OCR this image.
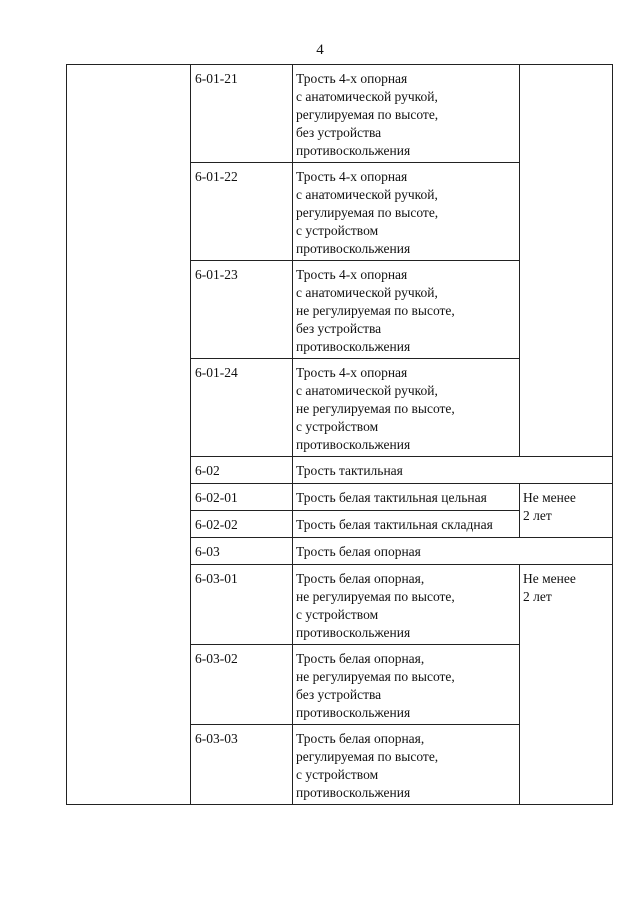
4
	6-01-21	Трость 4-х опорная
с анатомической ручкой,
регулируемая по высоте,
без устройства
противоскольжения	
	6-01-22	Трость 4-х опорная
с анатомической ручкой,
регулируемая по высоте,
с устройством
противоскольжения	
	6-01-23	Трость 4-х опорная
с анатомической ручкой,
не регулируемая по высоте,
без устройства
противоскольжения	
	6-01-24	Трость 4-х опорная
с анатомической ручкой,
не регулируемая по высоте,
с устройством
противоскольжения	
	6-02	Трость тактильная	
	6-02-01	Трость белая тактильная цельная	Не менее
2 лет
	6-02-02	Трость белая тактильная складная	
	6-03	Трость белая опорная	
	6-03-01	Трость белая опорная,
не регулируемая по высоте,
с устройством
противоскольжения	Не менее
2 лет
	6-03-02	Трость белая опорная,
не регулируемая по высоте,
без устройства
противоскольжения	
	6-03-03	Трость белая опорная,
регулируемая по высоте,
с устройством
противоскольжения	
